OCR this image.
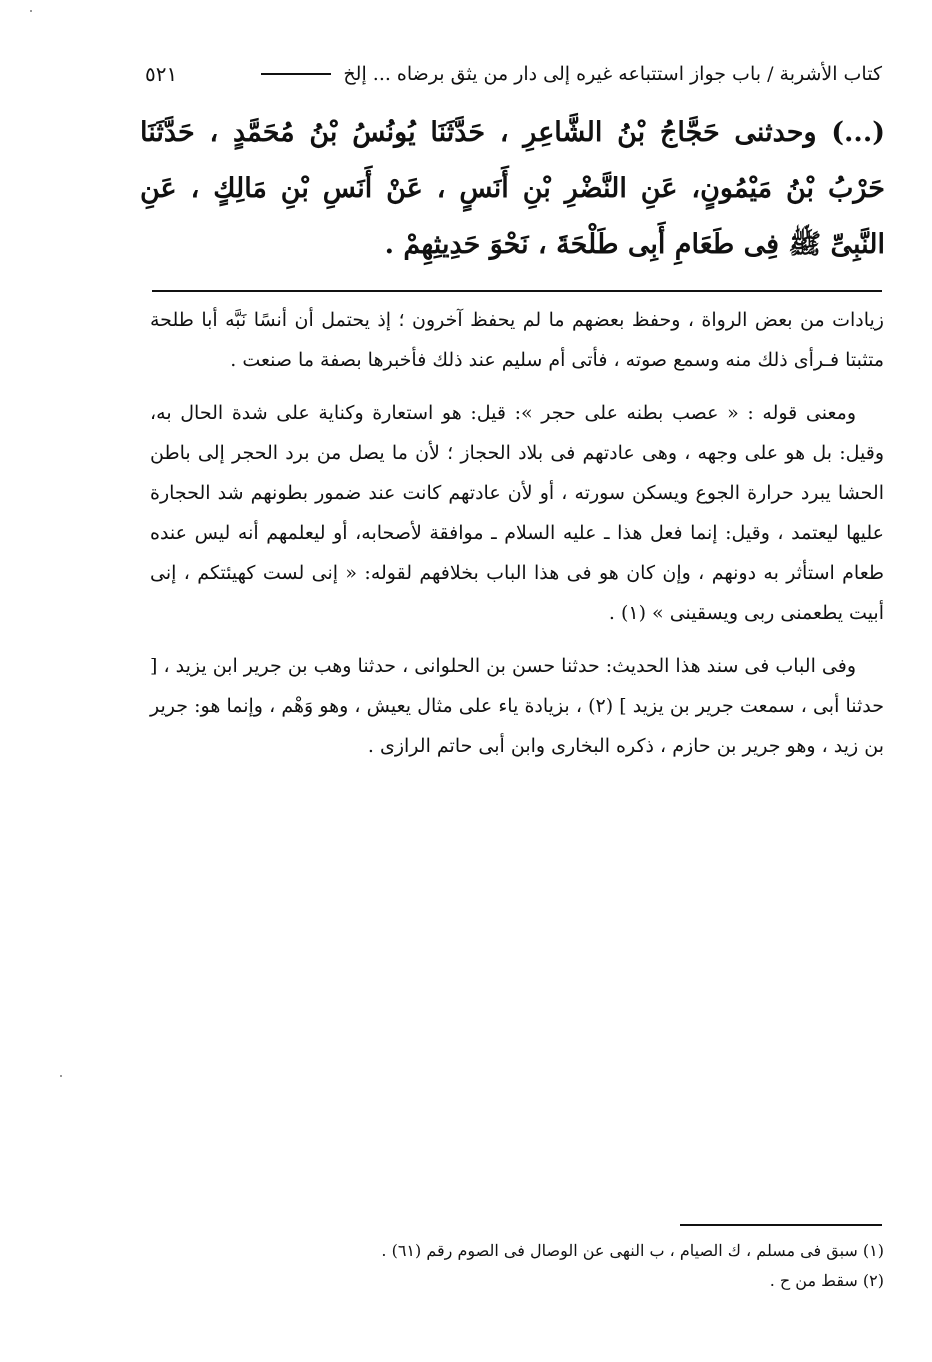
كتاب الأشربة / باب جواز استتباعه غيره إلى دار من يثق برضاه ... إلخ
٥٢١

(...) وحدثنى حَجَّاجُ بْنُ الشَّاعِرِ ، حَدَّثَنَا يُونُسُ بْنُ مُحَمَّدٍ ، حَدَّثَنَا حَرْبُ بْنُ مَيْمُونٍ، عَنِ النَّضْرِ بْنِ أَنَسٍ ، عَنْ أَنَسِ بْنِ مَالِكٍ ، عَنِ النَّبِىِّ ﷺ فِى طَعَامِ أَبِى طَلْحَةَ ، نَحْوَ حَدِيثِهِمْ .

زيادات من بعض الرواة ، وحفظ بعضهم ما لم يحفظ آخرون ؛ إذ يحتمل أن أنسًا نَبَّه أبا طلحة متثبتا فـرأى ذلك منه وسمع صوته ، فأتى أم سليم عند ذلك فأخبرها بصفة ما صنعت .

ومعنى قوله : « عصب بطنه على حجر »: قيل: هو استعارة وكناية على شدة الحال به، وقيل: بل هو على وجهه ، وهى عادتهم فى بلاد الحجاز ؛ لأن ما يصل من برد الحجر إلى باطن الحشا يبرد حرارة الجوع ويسكن سورته ، أو لأن عادتهم كانت عند ضمور بطونهم شد الحجارة عليها ليعتمد ، وقيل: إنما فعل هذا ـ عليه السلام ـ موافقة لأصحابه، أو ليعلمهم أنه ليس عنده طعام استأثر به دونهم ، وإن كان هو فى هذا الباب بخلافهم لقوله: « إنى لست كهيئتكم ، إنى أبيت يطعمنى ربى ويسقينى » (١) .

وفى الباب فى سند هذا الحديث: حدثنا حسن بن الحلوانى ، حدثنا وهب بن جرير ابن يزيد ، [ حدثنا أبى ، سمعت جرير بن يزيد ] (٢) ، بزيادة ياء على مثال يعيش ، وهو وَهْم ، وإنما هو: جرير بن زيد ، وهو جرير بن حازم ، ذكره البخارى وابن أبى حاتم الرازى .

(١) سبق فى مسلم ، ك الصيام ، ب النهى عن الوصال فى الصوم رقم (٦١) .

(٢) سقط من ح .
